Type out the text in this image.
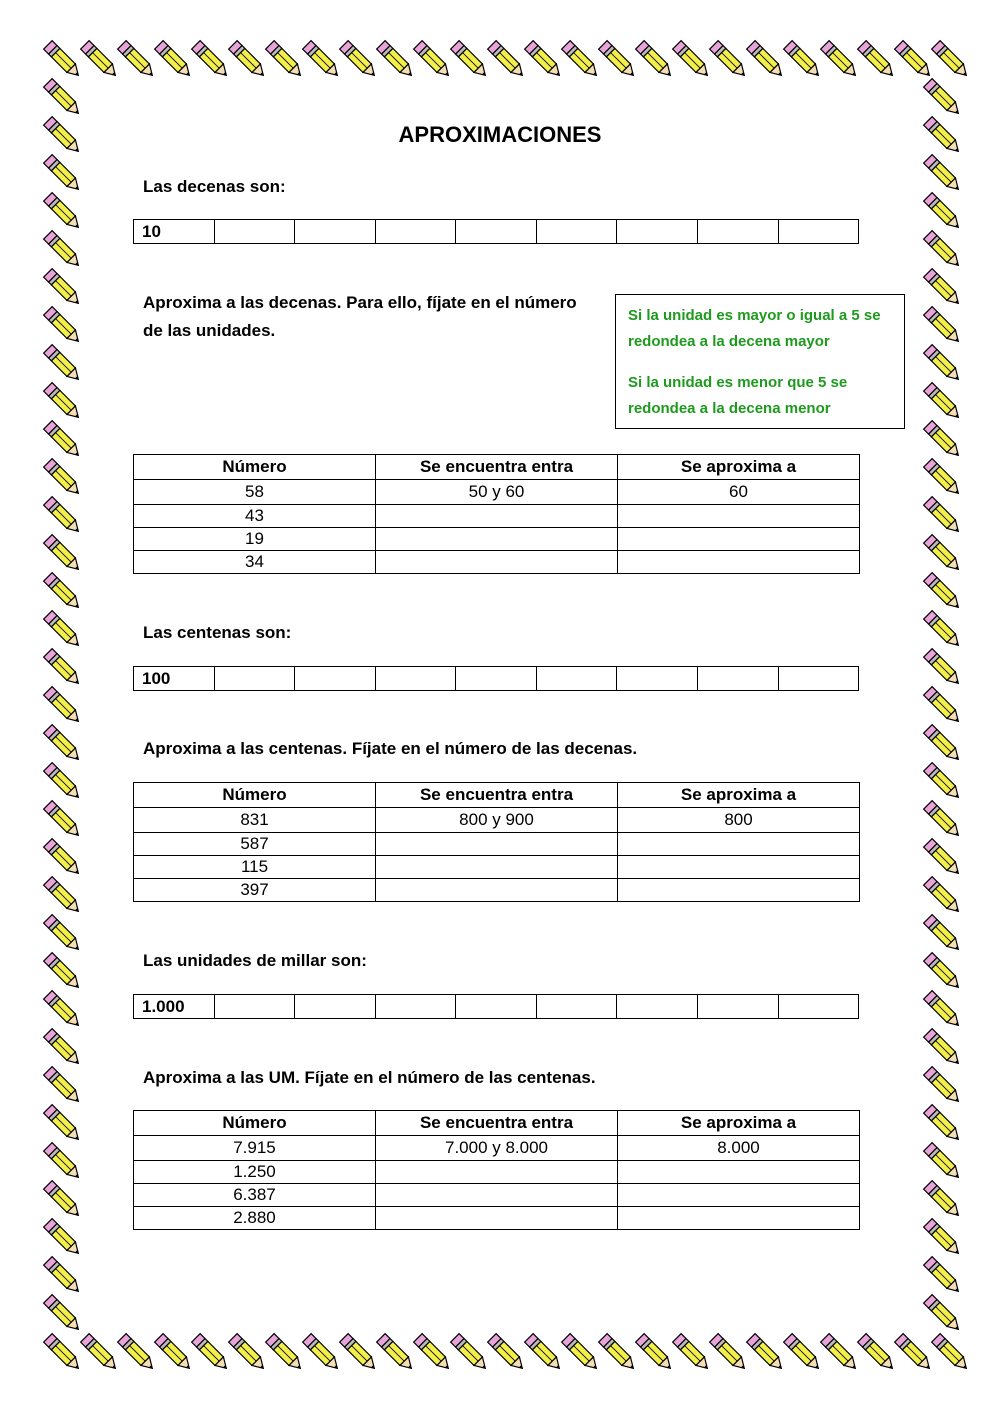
APROXIMACIONES
Las decenas son:
10
Aproxima a las decenas. Para ello, fíjate en el número
de las unidades.

Si la unidad es mayor o igual a 5 se redondea a la decena mayor

Si la unidad es menor que 5 se redondea a la decena menor

Número	Se encuentra entra	Se aproxima a
58	50 y 60	60
43		
19		
34		
Las centenas son:
100
Aproxima a las centenas. Fíjate en el número de las decenas.
Número	Se encuentra entra	Se aproxima a
831	800 y 900	800
587		
115		
397		
Las unidades de millar son:
1.000
Aproxima a las UM. Fíjate en el número de las centenas.
Número	Se encuentra entra	Se aproxima a
7.915	7.000 y 8.000	8.000
1.250		
6.387		
2.880		
